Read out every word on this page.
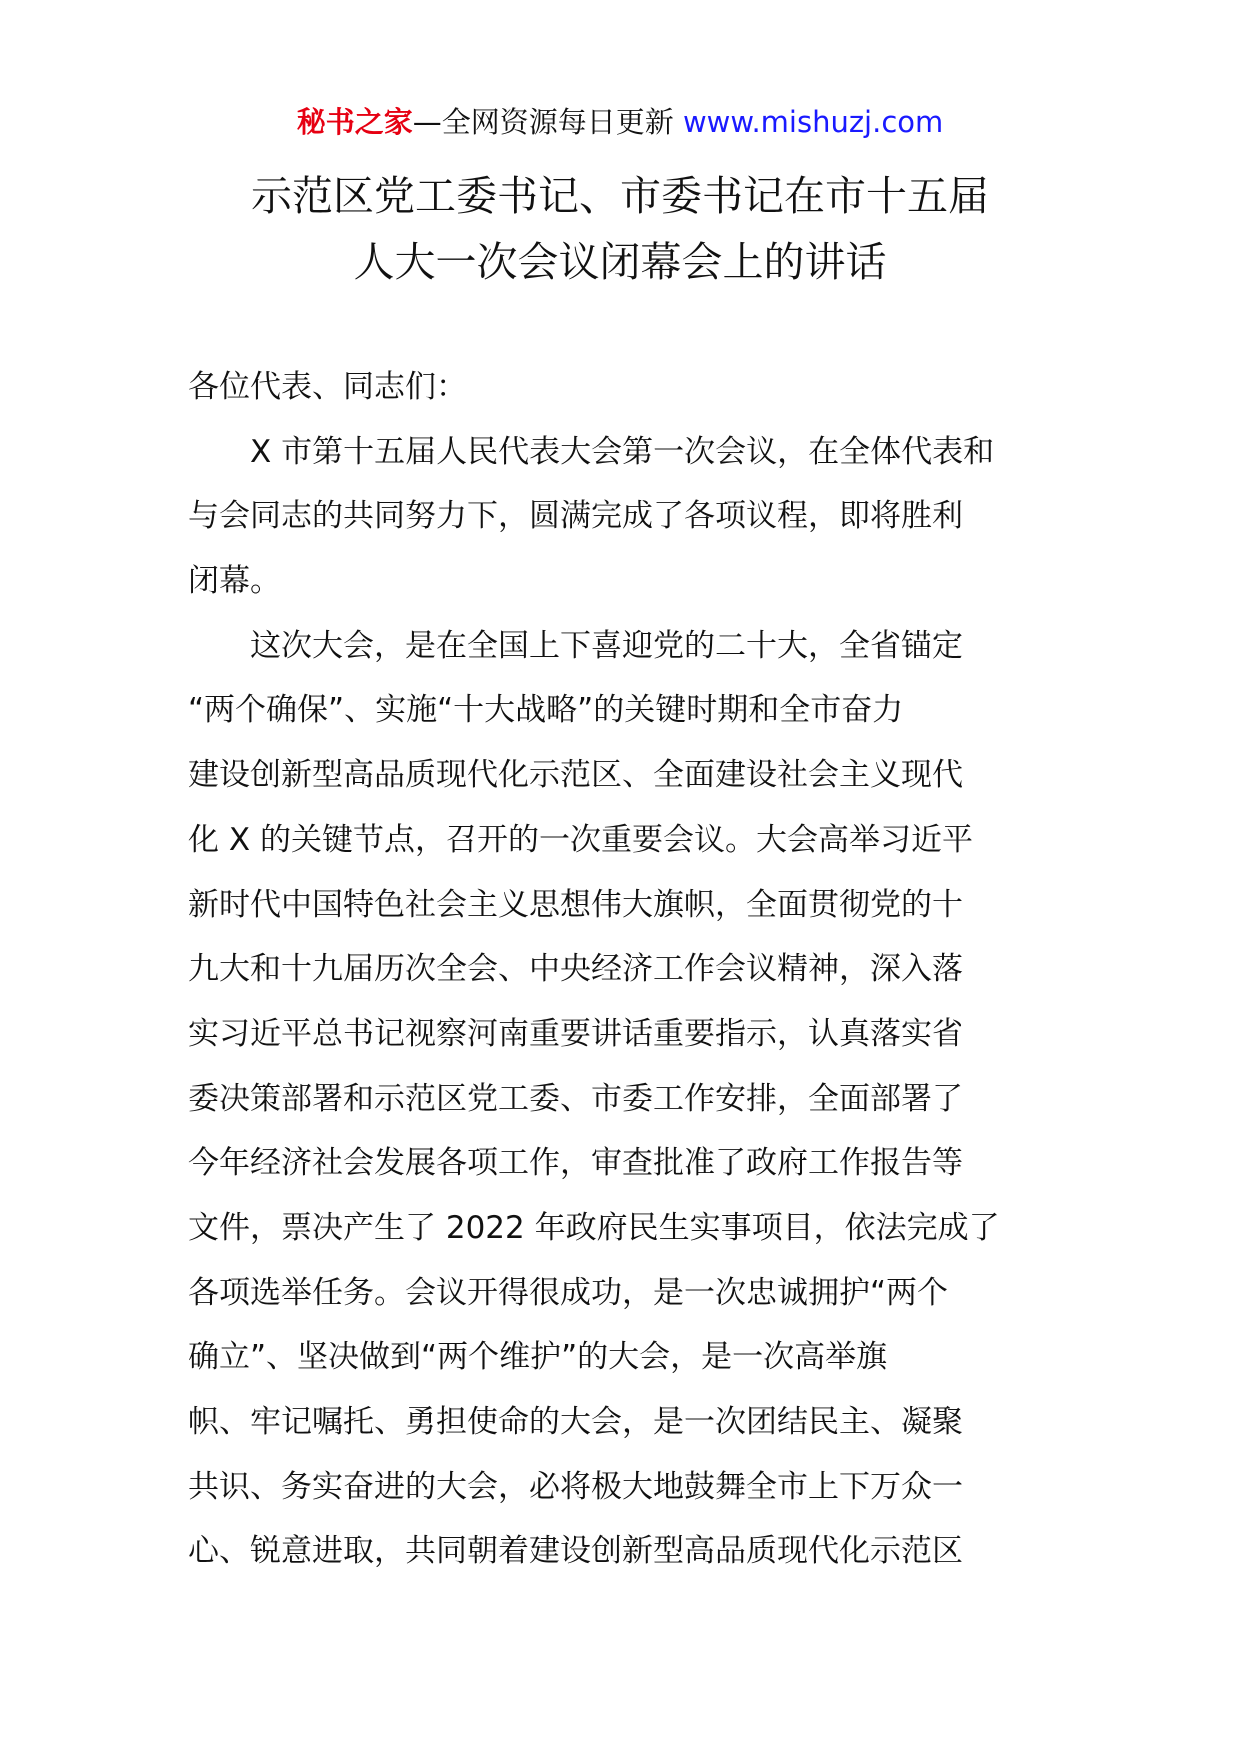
秘书之家—全网资源每日更新 www.mishuzj.com
示范区党工委书记、市委书记在市十五届
人大一次会议闭幕会上的讲话
各位代表、同志们：
　　X 市第十五届人民代表大会第一次会议，在全体代表和
与会同志的共同努力下，圆满完成了各项议程，即将胜利
闭幕。
　　这次大会，是在全国上下喜迎党的二十大，全省锚定
“两个确保”、实施“十大战略”的关键时期和全市奋力
建设创新型高品质现代化示范区、全面建设社会主义现代
化 X 的关键节点，召开的一次重要会议。大会高举习近平
新时代中国特色社会主义思想伟大旗帜，全面贯彻党的十
九大和十九届历次全会、中央经济工作会议精神，深入落
实习近平总书记视察河南重要讲话重要指示，认真落实省
委决策部署和示范区党工委、市委工作安排，全面部署了
今年经济社会发展各项工作，审查批准了政府工作报告等
文件，票决产生了 2022 年政府民生实事项目，依法完成了
各项选举任务。会议开得很成功，是一次忠诚拥护“两个
确立”、坚决做到“两个维护”的大会，是一次高举旗
帜、牢记嘱托、勇担使命的大会，是一次团结民主、凝聚
共识、务实奋进的大会，必将极大地鼓舞全市上下万众一
心、锐意进取，共同朝着建设创新型高品质现代化示范区
